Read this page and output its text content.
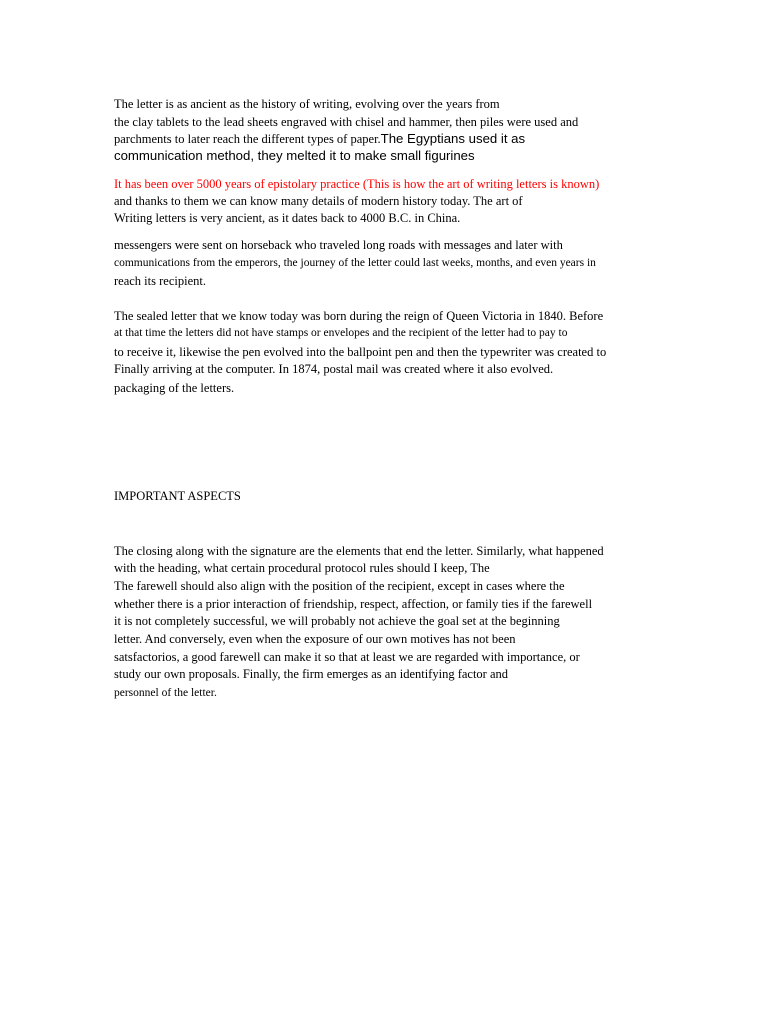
The letter is as ancient as the history of writing, evolving over the years from
the clay tablets to the lead sheets engraved with chisel and hammer, then piles were used and
parchments to later reach the different types of paper.The Egyptians used it as
communication method, they melted it to make small figurines
It has been over 5000 years of epistolary practice (This is how the art of writing letters is known)
and thanks to them we can know many details of modern history today. The art of
Writing letters is very ancient, as it dates back to 4000 B.C. in China.
messengers were sent on horseback who traveled long roads with messages and later with
communications from the emperors, the journey of the letter could last weeks, months, and even years in
reach its recipient.
The sealed letter that we know today was born during the reign of Queen Victoria in 1840. Before
at that time the letters did not have stamps or envelopes and the recipient of the letter had to pay to
to receive it, likewise the pen evolved into the ballpoint pen and then the typewriter was created to
Finally arriving at the computer. In 1874, postal mail was created where it also evolved.
packaging of the letters.
IMPORTANT ASPECTS
The closing along with the signature are the elements that end the letter. Similarly, what happened
with the heading, what certain procedural protocol rules should I keep, The
The farewell should also align with the position of the recipient, except in cases where the
whether there is a prior interaction of friendship, respect, affection, or family ties if the farewell
it is not completely successful, we will probably not achieve the goal set at the beginning
letter. And conversely, even when the exposure of our own motives has not been
satsfactorios, a good farewell can make it so that at least we are regarded with importance, or
study our own proposals. Finally, the firm emerges as an identifying factor and
personnel of the letter.
